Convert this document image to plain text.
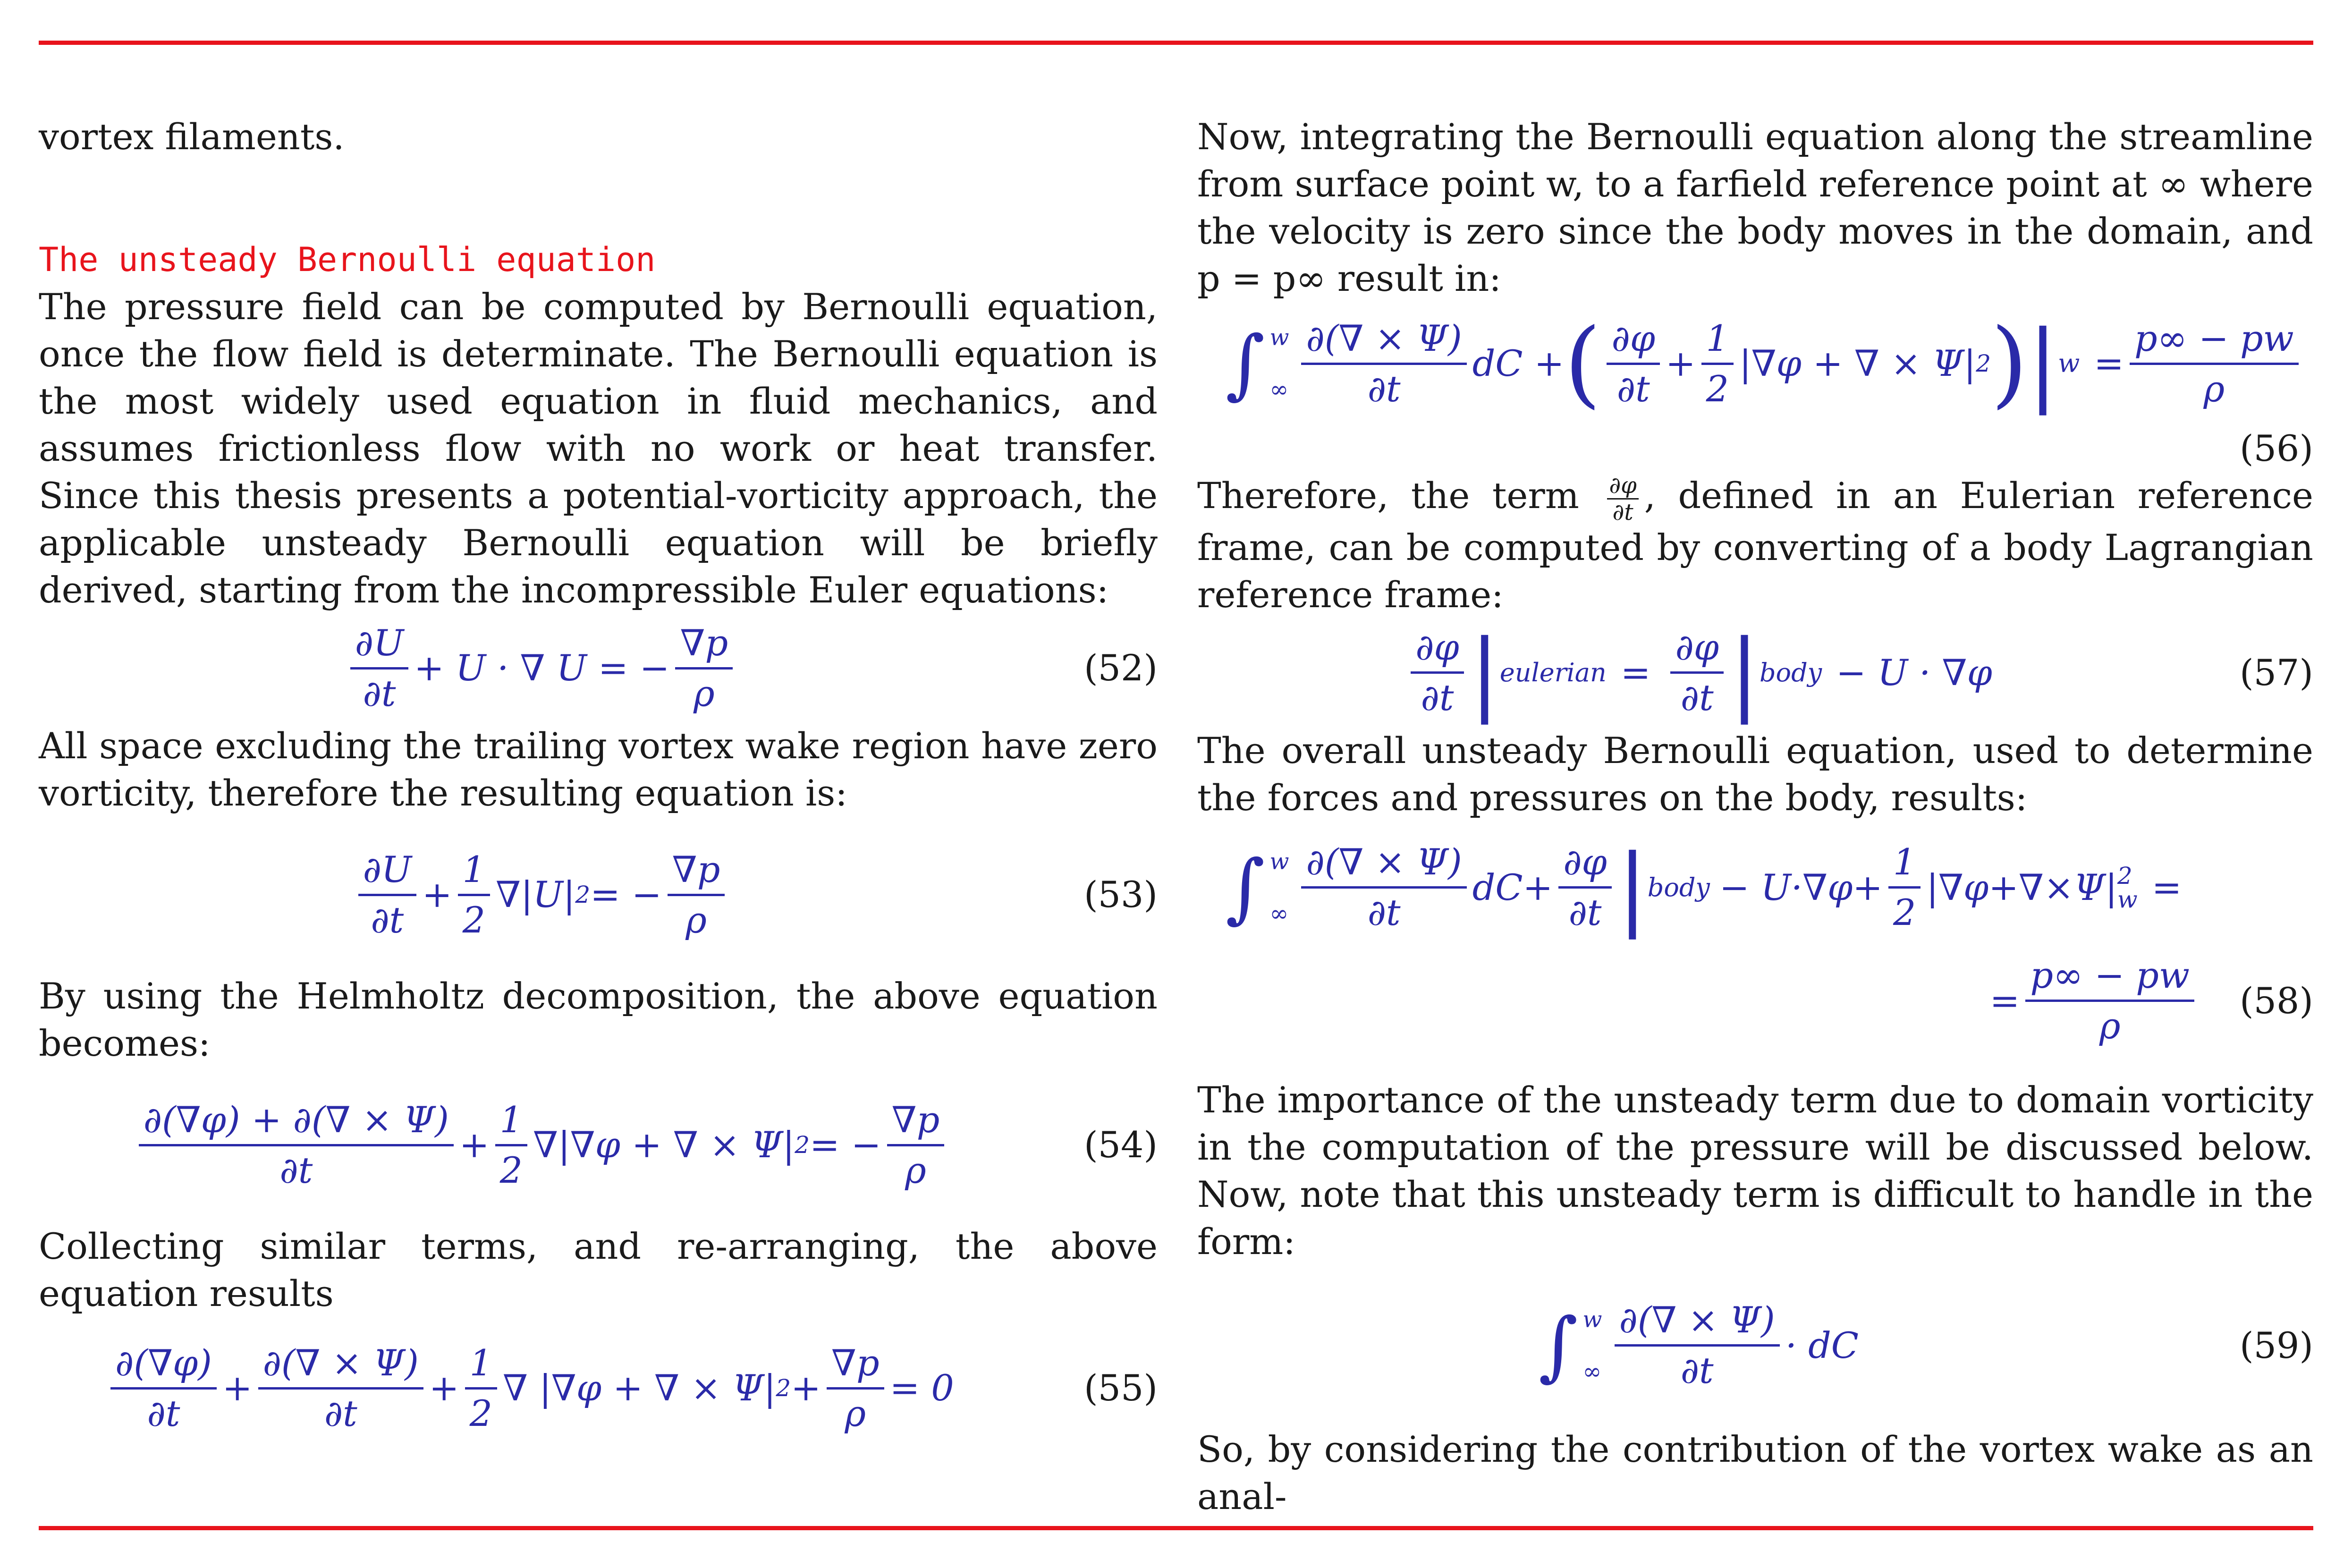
vortex filaments.

The unsteady Bernoulli equation

The pressure field can be computed by Bernoulli equation, once the flow field is determinate. The Bernoulli equation is the most widely used equation in fluid mechanics, and assumes frictionless flow with no work or heat transfer. Since this thesis presents a potential-vorticity approach, the applicable unsteady Bernoulli equation will be briefly derived, starting from the incompressible Euler equations:

$\frac{\partial U}{\partial t} + U$ · ∇ U = − $\frac{\nabla p}{\rho}$	(52)

All space excluding the trailing vortex wake region have zero vorticity, therefore the resulting equation is:

$\frac{\partial U}{\partial t} + \frac{1}{2} \nabla|U|$ 2 = − $\frac{\nabla p}{\rho}$	(53)

By using the Helmholtz decomposition, the above equation becomes:

$\frac{\partial(\nabla\varphi) + \partial(\nabla \times \Psi)}{\partial t} + \frac{1}{2} \nabla|\nabla\varphi$ + ∇ × Ψ| 2 = − $\frac{\nabla p}{\rho}$	(54)

Collecting similar terms, and re-arranging, the above equation results

$\frac{\partial(\nabla\varphi)}{\partial t} + \frac{\partial(\nabla \times \Psi)}{\partial t} + \frac{1}{2}$ ∇ |∇φ + ∇ × Ψ| $2 + \frac{\nabla p}{\rho} = 0$	(55)

Now, integrating the Bernoulli equation along the streamline from surface point w, to a farfield reference point at ∞ where the velocity is zero since the body moves in the domain, and p = p∞ result in:

∫ w
∞ $\frac{\partial(\nabla \times \Psi)}{\partial t}$ dC + ( $\frac{\partial\varphi}{\partial t} + \frac{1}{2} |\nabla\varphi$ + ∇ × Ψ| 2 ) | $w = \frac{p\infty - pw}{\rho}$
(56)

Therefore, the term $\frac{\partial\varphi}{\partial t}$ , defined in an Eulerian reference frame, can be computed by converting of a body Lagrangian reference frame:

$\frac{\partial\varphi}{\partial t}$ | eulerian = $\frac{\partial\varphi}{\partial t}$ | body − U · ∇φ	(57)

The overall unsteady Bernoulli equation, used to determine the forces and pressures on the body, results:

∫ w
∞ $\frac{\partial(\nabla \times \Psi)}{\partial t} dC+ \frac{\partial\varphi}{\partial t}$ | body − $U\cdot\nabla\varphi+ \frac{1}{2} |\nabla\varphi+\nabla\times\Psi|$ 2
w =
= $\frac{p\infty - pw}{\rho}$	(58)

The importance of the unsteady term due to domain vorticity in the computation of the pressure will be discussed below. Now, note that this unsteady term is difficult to handle in the form:

∫ w
∞ $\frac{\partial(\nabla \times \Psi)}{\partial t}$ · dC	(59)

So, by considering the contribution of the vortex wake as an anal-
